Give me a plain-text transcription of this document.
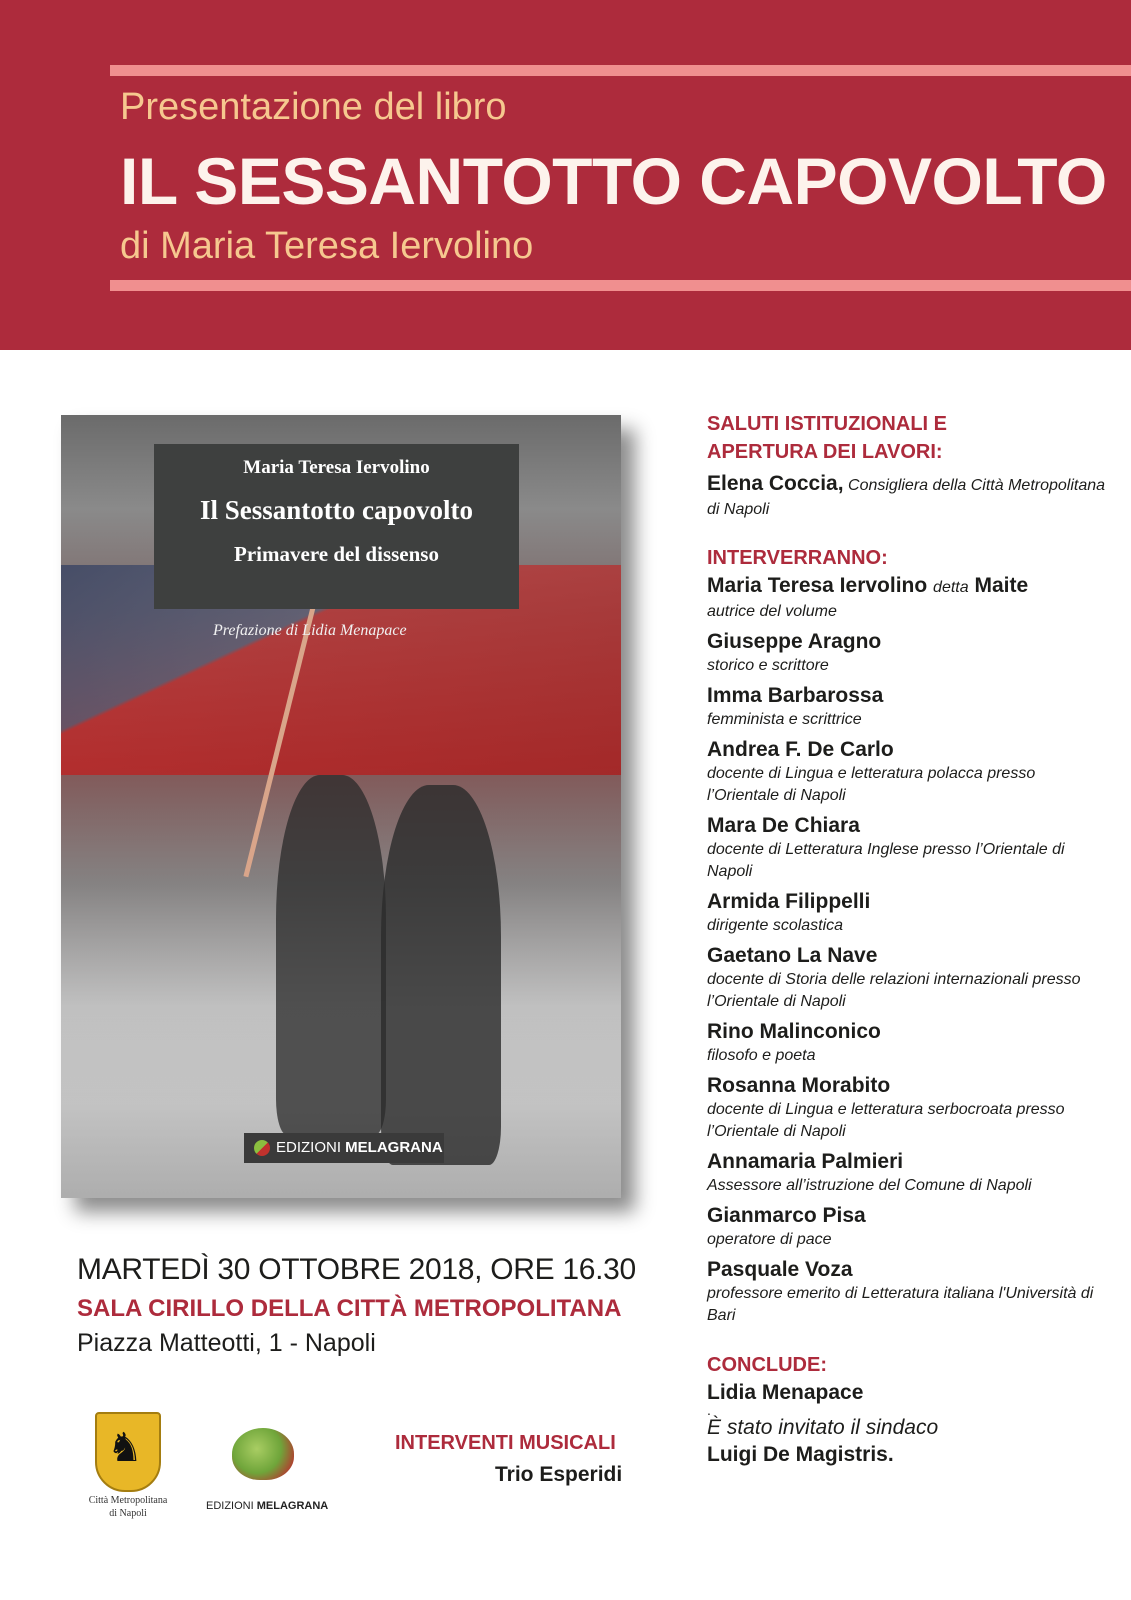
Presentazione del libro
IL SESSANTOTTO CAPOVOLTO
di Maria Teresa Iervolino
Maria Teresa Iervolino
Il Sessantotto capovolto
Primavere del dissenso
Prefazione di Lidia Menapace
EDIZIONI MELAGRANA
MARTEDÌ 30 OTTOBRE 2018, ORE 16.30
SALA CIRILLO DELLA CITTÀ METROPOLITANA
Piazza Matteotti, 1 - Napoli
♞
Città Metropolitana
di Napoli
EDIZIONI MELAGRANA
INTERVENTI MUSICALI
Trio Esperidi
SALUTI ISTITUZIONALI E
APERTURA DEI LAVORI:
Elena Coccia, Consigliera della Città Metropolitana di Napoli
INTERVERRANNO:
Maria Teresa Iervolino detta Maite
autrice del volume
Giuseppe Aragno
storico e scrittore
Imma Barbarossa
femminista e scrittrice
Andrea F. De Carlo
docente di Lingua e letteratura polacca presso l’Orientale di Napoli
Mara De Chiara
docente di Letteratura Inglese presso l’Orientale di Napoli
Armida Filippelli
dirigente scolastica
Gaetano La Nave
docente di Storia delle relazioni internazionali presso l’Orientale di Napoli
Rino Malinconico
filosofo e poeta
Rosanna Morabito
docente di Lingua e letteratura serbocroata presso l’Orientale di Napoli
Annamaria Palmieri
Assessore all’istruzione del Comune di Napoli
Gianmarco Pisa
operatore di pace
Pasquale Voza
professore emerito di Letteratura italiana l'Università di Bari
CONCLUDE:
Lidia Menapace
.
È stato invitato il sindaco
Luigi De Magistris.
